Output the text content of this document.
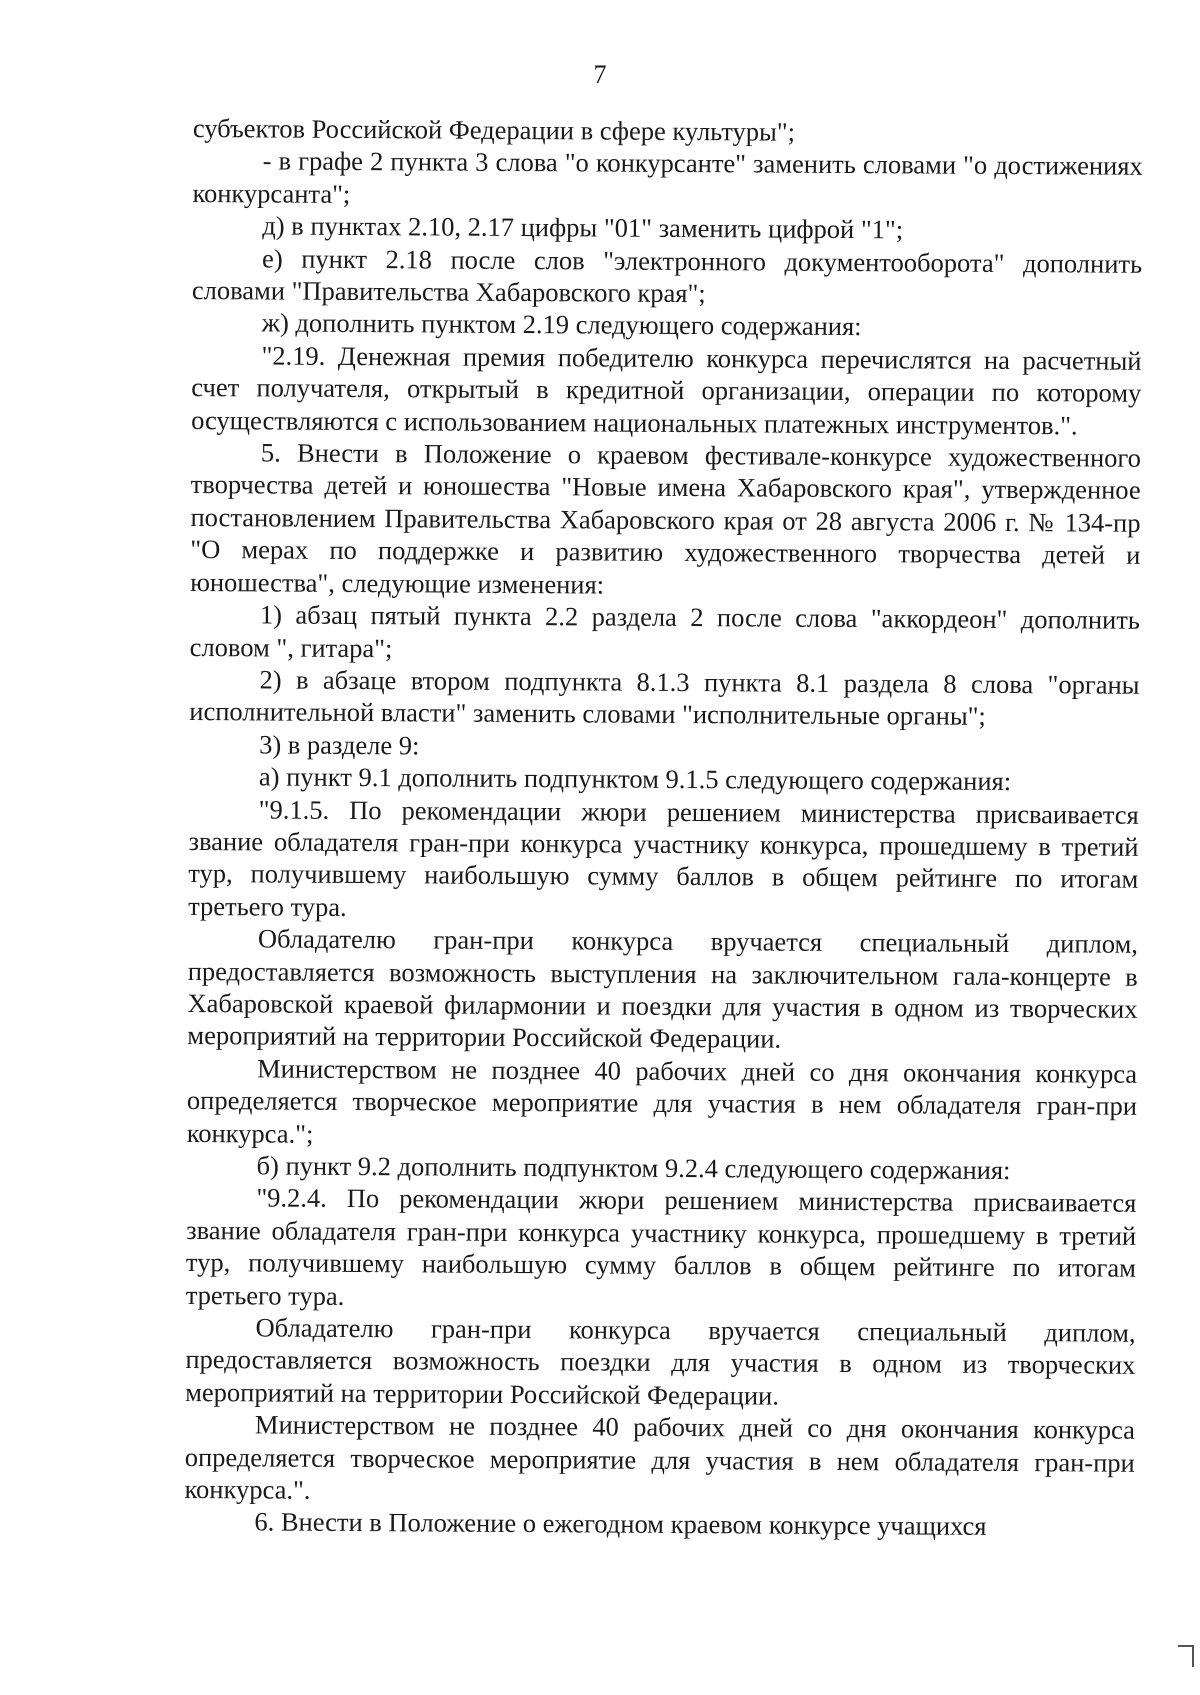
7

субъектов Российской Федерации в сфере культуры";

- в графе 2 пункта 3 слова "о конкурсанте" заменить словами "о достижениях конкурсанта";

д) в пунктах 2.10, 2.17 цифры "01" заменить цифрой "1";

е) пункт 2.18 после слов "электронного документооборота" дополнить словами "Правительства Хабаровского края";

ж) дополнить пунктом 2.19 следующего содержания:

"2.19. Денежная премия победителю конкурса перечислятся на расчетный счет получателя, открытый в кредитной организации, операции по которому осуществляются с использованием национальных платежных инструментов.".

5. Внести в Положение о краевом фестивале-конкурсе художественного творчества детей и юношества "Новые имена Хабаровского края", утвержденное постановлением Правительства Хабаровского края от 28 августа 2006 г. № 134-пр "О мерах по поддержке и развитию художественного творчества детей и юношества", следующие изменения:

1) абзац пятый пункта 2.2 раздела 2 после слова "аккордеон" дополнить словом ", гитара";

2) в абзаце втором подпункта 8.1.3 пункта 8.1 раздела 8 слова "органы исполнительной власти" заменить словами "исполнительные органы";

3) в разделе 9:

а) пункт 9.1 дополнить подпунктом 9.1.5 следующего содержания:

"9.1.5. По рекомендации жюри решением министерства присваивается звание обладателя гран-при конкурса участнику конкурса, прошедшему в третий тур, получившему наибольшую сумму баллов в общем рейтинге по итогам третьего тура.

Обладателю гран-при конкурса вручается специальный диплом, предоставляется возможность выступления на заключительном гала-концерте в Хабаровской краевой филармонии и поездки для участия в одном из творческих мероприятий на территории Российской Федерации.

Министерством не позднее 40 рабочих дней со дня окончания конкурса определяется творческое мероприятие для участия в нем обладателя гран-при конкурса.";

б) пункт 9.2 дополнить подпунктом 9.2.4 следующего содержания:

"9.2.4. По рекомендации жюри решением министерства присваивается звание обладателя гран-при конкурса участнику конкурса, прошедшему в третий тур, получившему наибольшую сумму баллов в общем рейтинге по итогам третьего тура.

Обладателю гран-при конкурса вручается специальный диплом, предоставляется возможность поездки для участия в одном из творческих мероприятий на территории Российской Федерации.

Министерством не позднее 40 рабочих дней со дня окончания конкурса определяется творческое мероприятие для участия в нем обладателя гран-при конкурса.".

6. Внести в Положение о ежегодном краевом конкурсе учащихся
